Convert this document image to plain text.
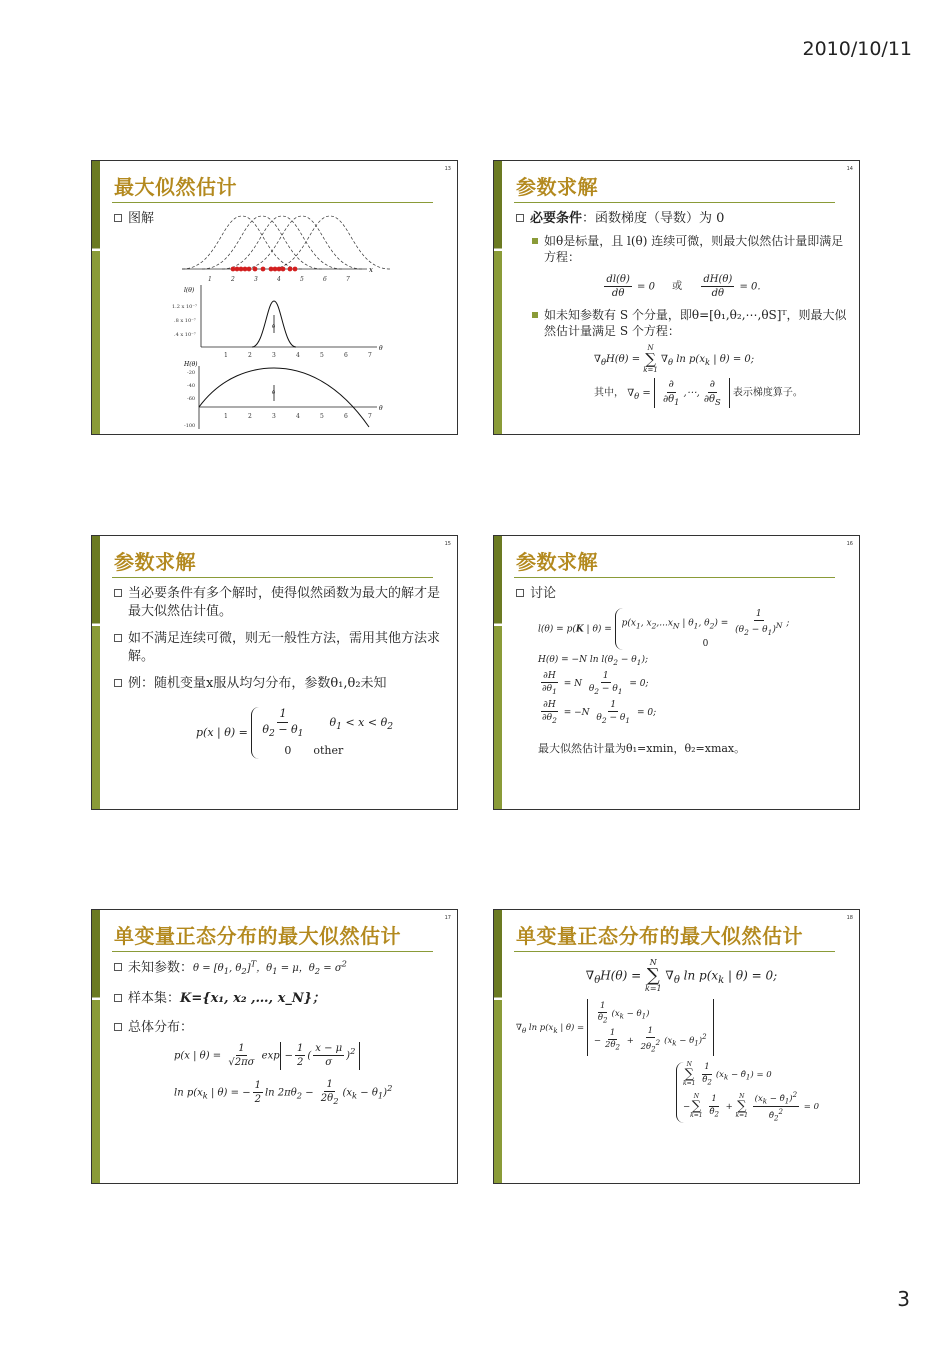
2010/10/11
13
最大似然估计
图解
x
1	2	3	4	5	6	7
θ̂
l(θ)
θ
1.2 x 10⁻⁷
.8 x 10⁻⁷
.4 x 10⁻⁷
1	2	3	4	5	6	7
θ̂
H(θ)
θ
-20
-40
-60
-100
1	2	3	4	5	6	7
14
参数求解
必要条件：函数梯度（导数）为 0
如θ是标量，且 l(θ) 连续可微，则最大似然估计量即满足方程：
$\frac{dl(\theta)}{d\theta} = 0$ 或 $\frac{dH(\theta)}{d\theta} = 0$.
如未知参数有 S 个分量，即θ=[θ₁,θ₂,⋯,θS]ᵀ，则最大似然估计量满足 S 个方程：
$\nabla_\theta H(\theta)$ =
N
∑
k=1
$\nabla_\theta$ $\ln p(x_k$ | θ) = 0;
其中， $\nabla_\theta = \frac{\partial}{\partial\theta_1}$ ,⋯, $\frac{\partial}{\partial\theta_S}$ 表示梯度算子。
15
参数求解
当必要条件有多个解时，使得似然函数为最大的解才是最大似然估计值。
如不满足连续可微，则无一般性方法，需用其他方法求解。
例：随机变量x服从均匀分布，参数θ₁,θ₂未知
p(x | $\theta) = \frac{1}{\theta_2 - \theta_1} \theta_1 < x < \theta_2$
0 other
16
参数求解
讨论
l(θ) = p(K | θ) =
$p(x_1$, $x_2,...x_N$ | $\theta_1$, $\theta_2) = \frac{1}{(\theta_2 - \theta_1)^N}$ ;
0
H(θ) = −N $\ln l(\theta_2 - \theta_1)$;
$\frac{\partial H}{\partial\theta_1} = N \frac{1}{\theta_2 - \theta_1} = 0$;
$\frac{\partial H}{\partial\theta_2} = -N \frac{1}{\theta_2 - \theta_1} = 0$;
最大似然估计量为θ₁=xmin，θ₂=xmax。
17
单变量正态分布的最大似然估计
未知参数：$\theta = [\theta_1$, $\theta_2]^T$，$\theta_1 = \mu$，$\theta_2 = \sigma^2$
样本集：K={x₁, x₂ ,…, x_N}；
总体分布：
p(x | $\theta) = \frac{1}{√2\pi\sigma}$ $\exp - \frac{1}{2}$ ( $\frac{x - \mu}{\sigma} )^2$
$\ln p(x_k$ | θ) = − $\frac{1}{2}$ $\ln 2\pi\theta_2 - \frac{1}{2\theta_2} (x_k - \theta_1)^2$
18
单变量正态分布的最大似然估计
$\nabla_\theta H(\theta)$ =
N
∑
k=1
$\nabla_\theta$ $\ln p(x_k$ | θ) = 0;
$\nabla_\theta$ $\ln p(x_k$ | θ) =
$\frac{1}{\theta_2} (x_k - \theta_1)$
− $\frac{1}{2\theta_2} + \frac{1}{2\theta_2^2} (x_k - \theta_1)^2$
N
∑
k=1
$\frac{1}{\thetâ_2} (x_k$ − $\thetâ_1) = 0$
−
N
∑
k=1
$\frac{1}{\thetâ_2}$ +
N
∑
k=1
$\frac{(x_k - \thetâ_1)^2}{\thetâ_2^2} = 0$
3
